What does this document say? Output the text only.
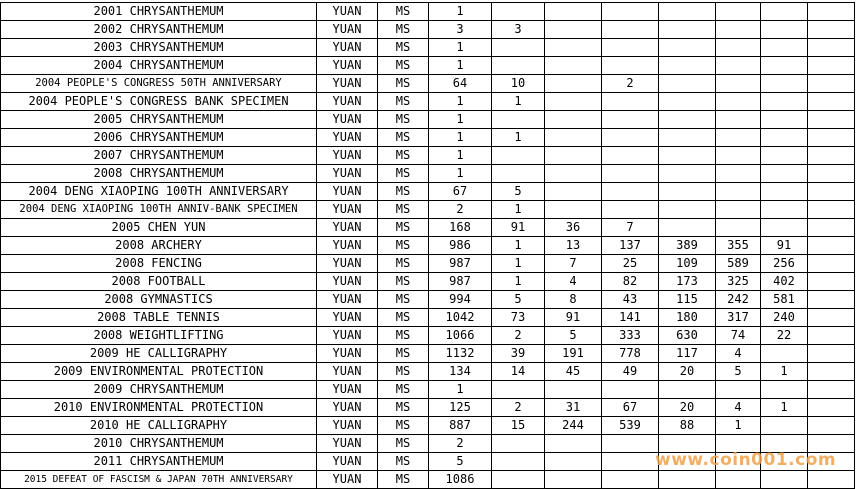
2001 CHRYSANTHEMUM	YUAN	MS	1							
2002 CHRYSANTHEMUM	YUAN	MS	3	3						
2003 CHRYSANTHEMUM	YUAN	MS	1							
2004 CHRYSANTHEMUM	YUAN	MS	1							
2004 PEOPLE'S CONGRESS 50TH ANNIVERSARY	YUAN	MS	64	10		2				
2004 PEOPLE'S CONGRESS BANK SPECIMEN	YUAN	MS	1	1						
2005 CHRYSANTHEMUM	YUAN	MS	1							
2006 CHRYSANTHEMUM	YUAN	MS	1	1						
2007 CHRYSANTHEMUM	YUAN	MS	1							
2008 CHRYSANTHEMUM	YUAN	MS	1							
2004 DENG XIAOPING 100TH ANNIVERSARY	YUAN	MS	67	5						
2004 DENG XIAOPING 100TH ANNIV-BANK SPECIMEN	YUAN	MS	2	1						
2005 CHEN YUN	YUAN	MS	168	91	36	7				
2008 ARCHERY	YUAN	MS	986	1	13	137	389	355	91	
2008 FENCING	YUAN	MS	987	1	7	25	109	589	256	
2008 FOOTBALL	YUAN	MS	987	1	4	82	173	325	402	
2008 GYMNASTICS	YUAN	MS	994	5	8	43	115	242	581	
2008 TABLE TENNIS	YUAN	MS	1042	73	91	141	180	317	240	
2008 WEIGHTLIFTING	YUAN	MS	1066	2	5	333	630	74	22	
2009 HE CALLIGRAPHY	YUAN	MS	1132	39	191	778	117	4		
2009 ENVIRONMENTAL PROTECTION	YUAN	MS	134	14	45	49	20	5	1	
2009 CHRYSANTHEMUM	YUAN	MS	1							
2010 ENVIRONMENTAL PROTECTION	YUAN	MS	125	2	31	67	20	4	1	
2010 HE CALLIGRAPHY	YUAN	MS	887	15	244	539	88	1		
2010 CHRYSANTHEMUM	YUAN	MS	2							
2011 CHRYSANTHEMUM	YUAN	MS	5							
2015 DEFEAT OF FASCISM & JAPAN 70TH ANNIVERSARY	YUAN	MS	1086							
www.coin001.com
